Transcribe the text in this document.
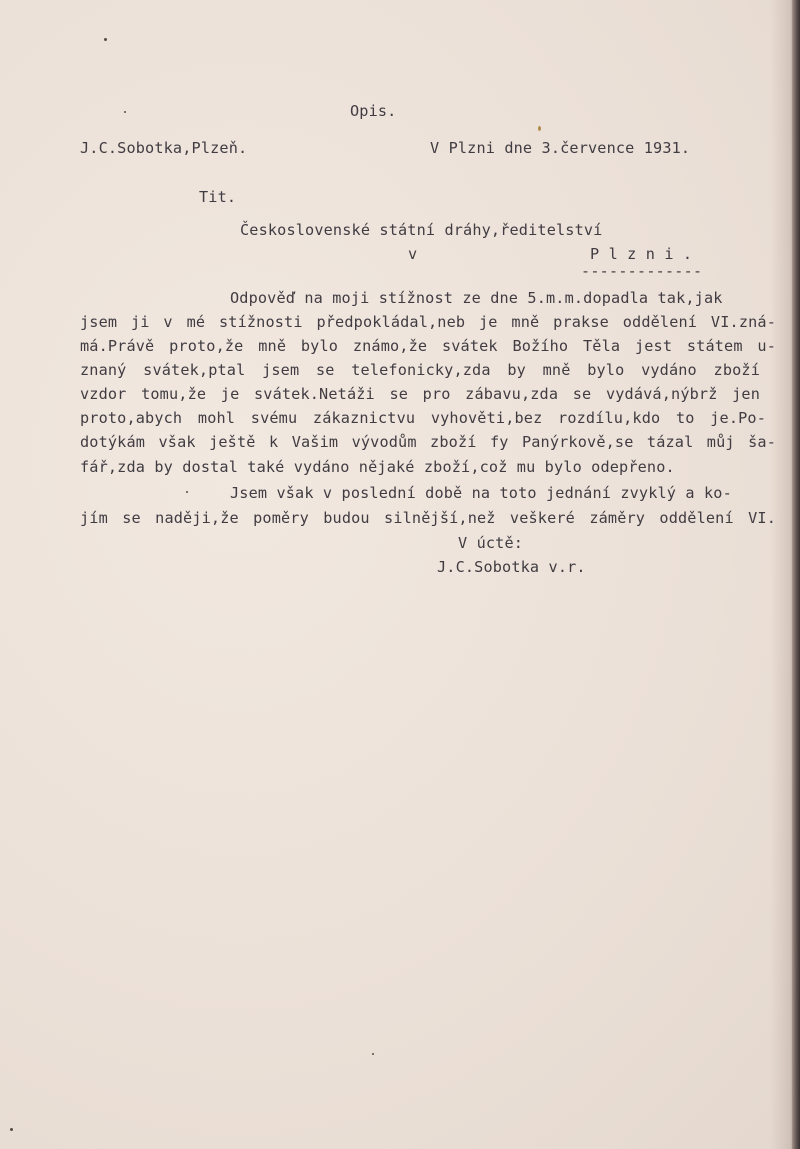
Opis.
J.C.Sobotka,Plzeň.	V Plzni dne 3.července 1931.
Tit.
Československé státní dráhy,ředitelství
v	P l z n i .
-------------
Odpověď na moji stížnost ze dne 5.m.m.dopadla tak,jak
jsem ji v mé stížnosti předpokládal,neb je mně prakse oddělení VI.zná-
má.Právě proto,že mně bylo známo,že svátek Božího Těla jest státem u-
znaný svátek,ptal jsem se telefonicky,zda by mně bylo vydáno zboží
vzdor tomu,že je svátek.Netáži se pro zábavu,zda se vydává,nýbrž jen
proto,abych mohl svému zákaznictvu vyhověti,bez rozdílu,kdo to je.Po-
dotýkám však ještě k Vašim vývodům zboží fy Panýrkově,se tázal můj ša-
fář,zda by dostal také vydáno nějaké zboží,což mu bylo odepřeno.
Jsem však v poslední době na toto jednání zvyklý a ko-
jím se naději,že poměry budou silnější,než veškeré záměry oddělení VI.
V úctě:
J.C.Sobotka v.r.
